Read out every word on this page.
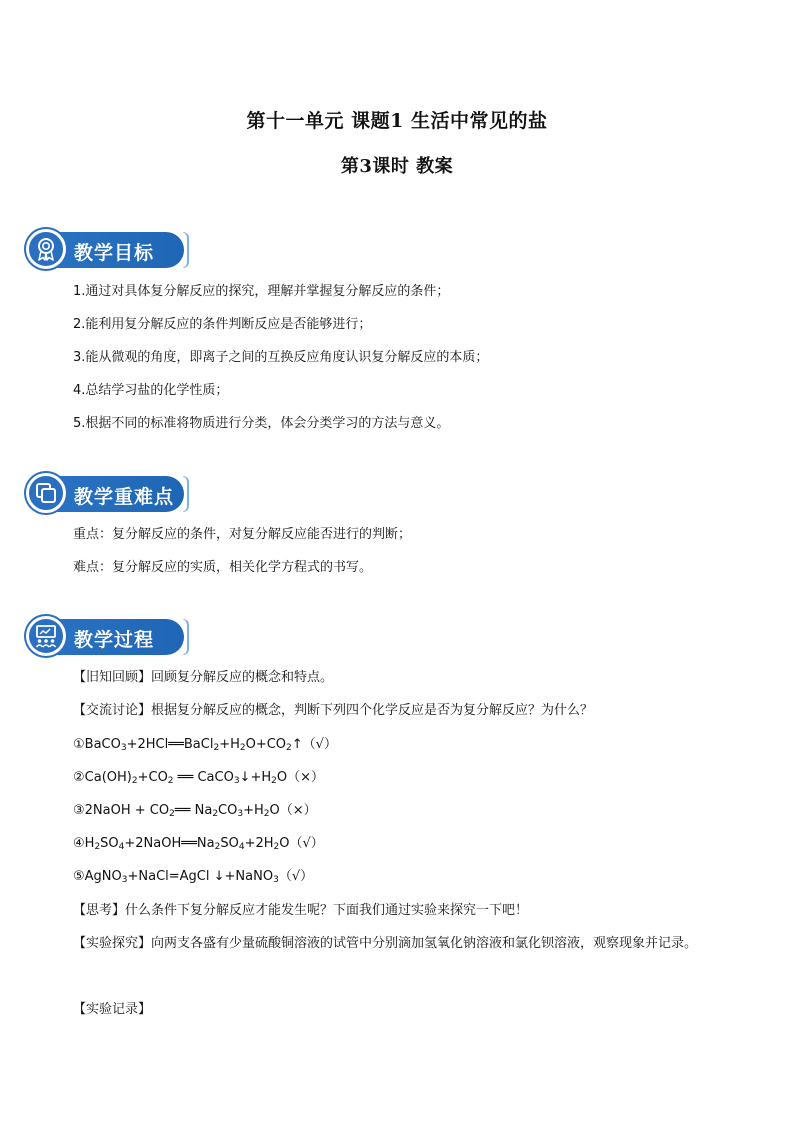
第十一单元 课题1 生活中常见的盐
第3课时 教案
教学目标
1.通过对具体复分解反应的探究，理解并掌握复分解反应的条件；
2.能利用复分解反应的条件判断反应是否能够进行；
3.能从微观的角度，即离子之间的互换反应角度认识复分解反应的本质；
4.总结学习盐的化学性质；
5.根据不同的标准将物质进行分类，体会分类学习的方法与意义。
教学重难点
重点：复分解反应的条件，对复分解反应能否进行的判断；
难点：复分解反应的实质，相关化学方程式的书写。
教学过程
【旧知回顾】回顾复分解反应的概念和特点。
【交流讨论】根据复分解反应的概念，判断下列四个化学反应是否为复分解反应？为什么？
$①BaCO_3+2HCl══BaCl_2+H_2O+CO_2↑(√)$
$②Ca(OH)_2+CO_2$ ══ $CaCO_3↓+H_2O(\times)$
③2NaOH + $CO_2══$ $Na_2CO_3+H_2O(\times)$
$④H_2SO_4+2NaOH══Na_2SO_4+2H_2O(√)$
⑤AgNO$_3$+NaCl=AgCl ↓+NaNO$_3$（√）
【思考】什么条件下复分解反应才能发生呢？下面我们通过实验来探究一下吧！
【实验探究】向两支各盛有少量硫酸铜溶液的试管中分别滴加氢氧化钠溶液和氯化钡溶液，观察现象并记录。
【实验记录】
